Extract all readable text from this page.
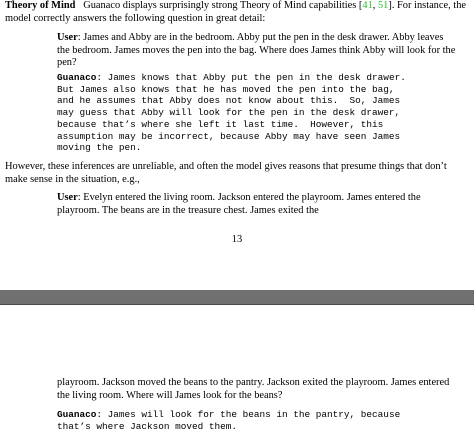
Theory of Mind Guanaco displays surprisingly strong Theory of Mind capabilities [41, 51]. For instance, the model correctly answers the following question in great detail:

User: James and Abby are in the bedroom. Abby put the pen in the desk drawer. Abby leaves the bedroom. James moves the pen into the bag. Where does James think Abby will look for the pen?

Guanaco: James knows that Abby put the pen in the desk drawer.
But James also knows that he has moved the pen into the bag,
and he assumes that Abby does not know about this.  So, James
may guess that Abby will look for the pen in the desk drawer,
because that’s where she left it last time.  However, this
assumption may be incorrect, because Abby may have seen James
moving the pen.

However, these inferences are unreliable, and often the model gives reasons that presume things that don’t make sense in the situation, e.g.,

User: Evelyn entered the living room. Jackson entered the playroom. James entered the playroom. The beans are in the treasure chest. James exited the

13

playroom. Jackson moved the beans to the pantry. Jackson exited the playroom. James entered the living room. Where will James look for the beans?

Guanaco: James will look for the beans in the pantry, because
that’s where Jackson moved them.
